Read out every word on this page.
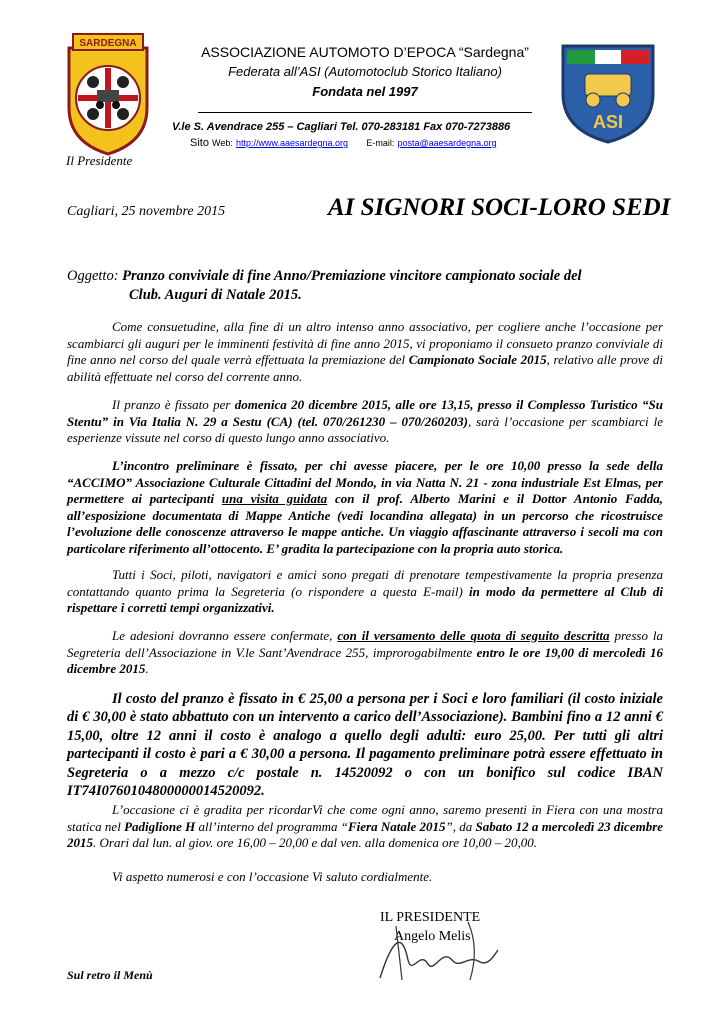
SARDEGNA
ASI
ASSOCIAZIONE AUTOMOTO D’EPOCA “Sardegna”
Federata all’ASI (Automotoclub Storico Italiano)
Fondata nel 1997
V.le S. Avendrace 255 – Cagliari Tel. 070-283181 Fax 070-7273886
Sito Web: http://www.aaesardegna.org E-mail: posta@aaesardegna.org
Il Presidente
Cagliari, 25 novembre 2015	AI SIGNORI SOCI-LORO SEDI
Oggetto: Pranzo conviviale di fine Anno/Premiazione vincitore campionato sociale del
Club. Auguri di Natale 2015.
Come consuetudine, alla fine di un altro intenso anno associativo, per cogliere anche l’occasione per scambiarci gli auguri per le imminenti festività di fine anno 2015, vi proponiamo il consueto pranzo conviviale di fine anno nel corso del quale verrà effettuata la premiazione del Campionato Sociale 2015, relativo alle prove di abilità effettuate nel corso del corrente anno.
Il pranzo è fissato per domenica 20 dicembre 2015, alle ore 13,15, presso il Complesso Turistico “Su Stentu” in Via Italia N. 29 a Sestu (CA) (tel. 070/261230 – 070/260203), sarà l’occasione per scambiarci le esperienze vissute nel corso di questo lungo anno associativo.
L’incontro preliminare è fissato, per chi avesse piacere, per le ore 10,00 presso la sede della “ACCIMO” Associazione Culturale Cittadini del Mondo, in via Natta N. 21 - zona industriale Est Elmas, per permettere ai partecipanti una visita guidata con il prof. Alberto Marini e il Dottor Antonio Fadda, all’esposizione documentata di Mappe Antiche (vedi locandina allegata) in un percorso che ricostruisce l’evoluzione delle conoscenze attraverso le mappe antiche. Un viaggio affascinante attraverso i secoli ma con particolare riferimento all’ottocento. E’ gradita la partecipazione con la propria auto storica.
Tutti i Soci, piloti, navigatori e amici sono pregati di prenotare tempestivamente la propria presenza contattando quanto prima la Segreteria (o rispondere a questa E-mail) in modo da permettere al Club di rispettare i corretti tempi organizzativi.
Le adesioni dovranno essere confermate, con il versamento delle quota di seguito descritta presso la Segreteria dell’Associazione in V.le Sant’Avendrace 255, improrogabilmente entro le ore 19,00 di mercoledì 16 dicembre 2015.
Il costo del pranzo è fissato in € 25,00 a persona per i Soci e loro familiari (il costo iniziale di € 30,00 è stato abbattuto con un intervento a carico dell’Associazione). Bambini fino a 12 anni € 15,00, oltre 12 anni il costo è analogo a quello degli adulti: euro 25,00. Per tutti gli altri partecipanti il costo è pari a € 30,00 a persona. Il pagamento preliminare potrà essere effettuato in Segreteria o a mezzo c/c postale n. 14520092 o con un bonifico sul codice IBAN IT74I0760104800000014520092.
L’occasione ci è gradita per ricordarVi che come ogni anno, saremo presenti in Fiera con una mostra statica nel Padiglione H all’interno del programma “Fiera Natale 2015”, da Sabato 12 a mercoledì 23 dicembre 2015. Orari dal lun. al giov. ore 16,00 – 20,00 e dal ven. alla domenica ore 10,00 – 20,00.
Vi aspetto numerosi e con l’occasione Vi saluto cordialmente.
IL PRESIDENTE
Angelo Melis
Sul retro il Menù
